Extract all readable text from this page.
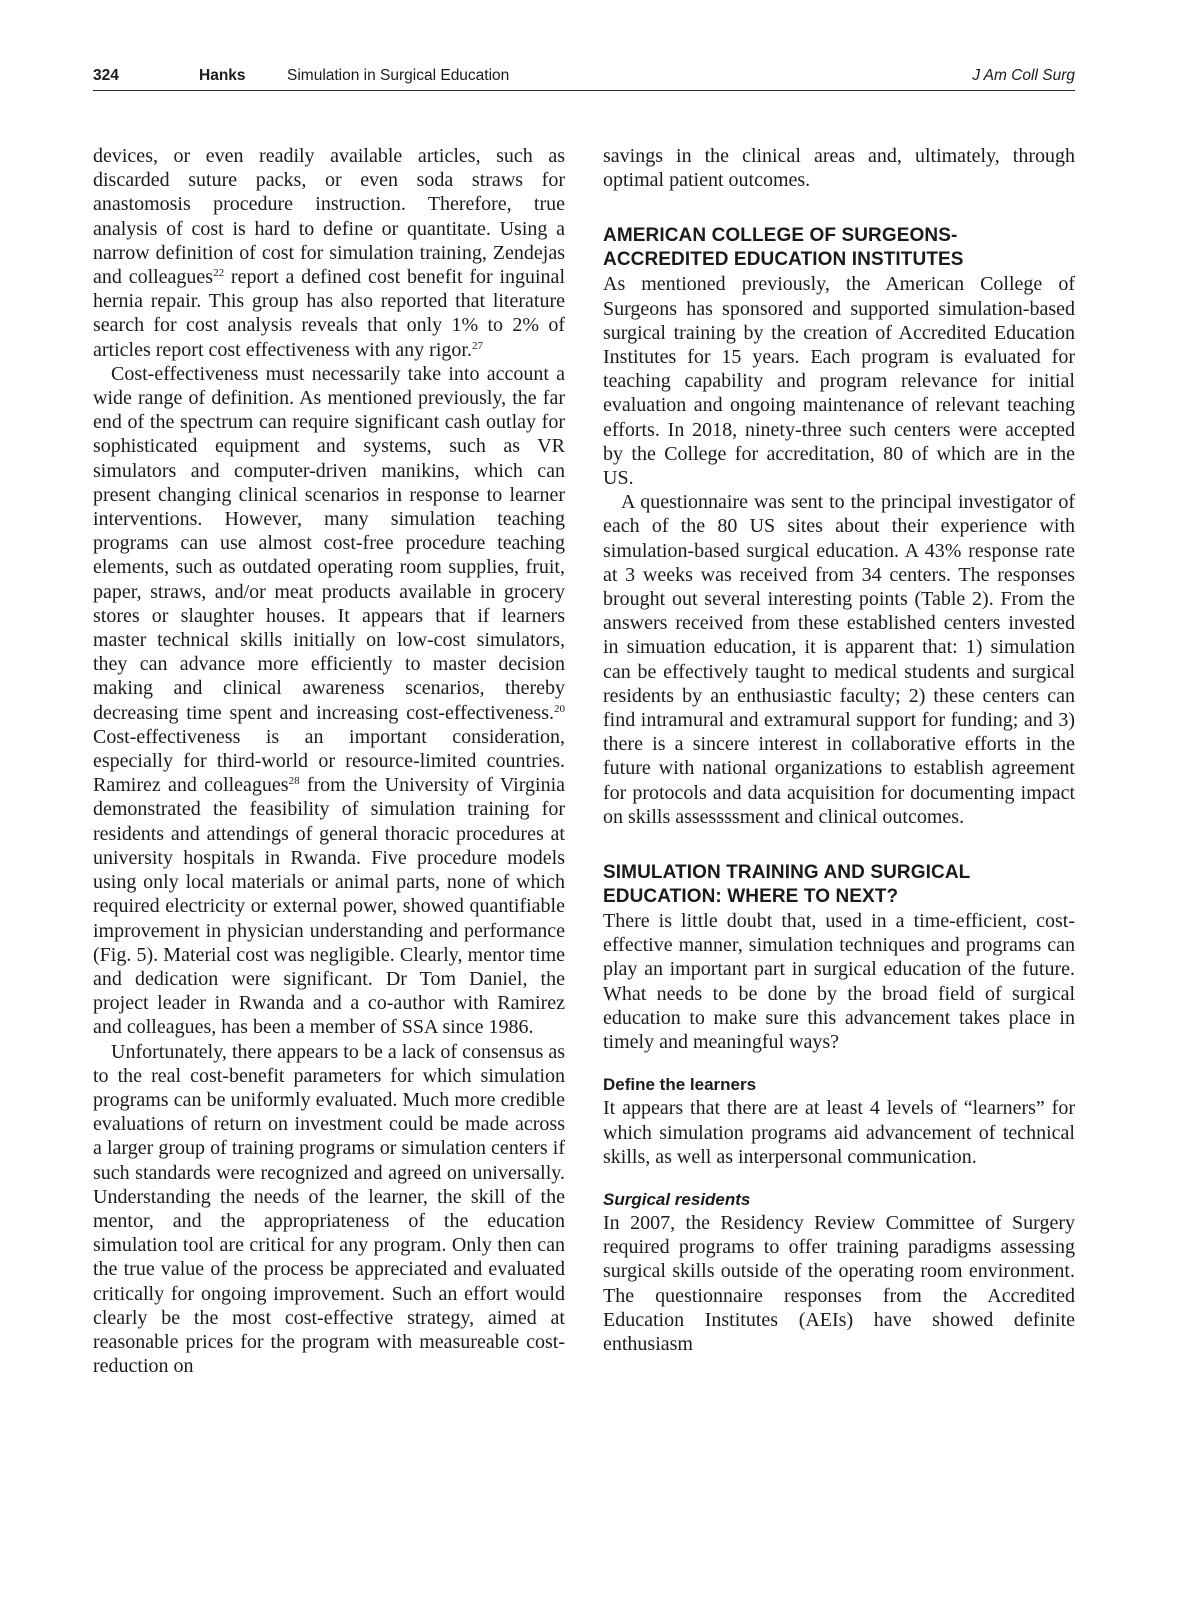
324	Hanks	Simulation in Surgical Education	J Am Coll Surg

devices, or even readily available articles, such as discarded suture packs, or even soda straws for anastomosis procedure instruction. Therefore, true analysis of cost is hard to define or quantitate. Using a narrow definition of cost for simulation training, Zendejas and colleagues$^{22}$ report a defined cost benefit for inguinal hernia repair. This group has also reported that literature search for cost analysis reveals that only 1% to 2% of articles report cost effectiveness with any rigor.$^{27}$

Cost-effectiveness must necessarily take into account a wide range of definition. As mentioned previously, the far end of the spectrum can require significant cash outlay for sophisticated equipment and systems, such as VR simulators and computer-driven manikins, which can present changing clinical scenarios in response to learner interventions. However, many simulation teaching programs can use almost cost-free procedure teaching elements, such as outdated operating room supplies, fruit, paper, straws, and/or meat products available in grocery stores or slaughter houses. It appears that if learners master technical skills initially on low-cost simulators, they can advance more efficiently to master decision making and clinical awareness scenarios, thereby decreasing time spent and increasing cost-effectiveness.$^{20}$ Cost-effectiveness is an important consideration, especially for third-world or resource-limited countries. Ramirez and colleagues$^{28}$ from the University of Virginia demonstrated the feasibility of simulation training for residents and attendings of general thoracic procedures at university hospitals in Rwanda. Five procedure models using only local materials or animal parts, none of which required electricity or external power, showed quantifiable improvement in physician understanding and performance (Fig. 5). Material cost was negligible. Clearly, mentor time and dedication were significant. Dr Tom Daniel, the project leader in Rwanda and a co-author with Ramirez and colleagues, has been a member of SSA since 1986.

Unfortunately, there appears to be a lack of consensus as to the real cost-benefit parameters for which simulation programs can be uniformly evaluated. Much more credible evaluations of return on investment could be made across a larger group of training programs or simulation centers if such standards were recognized and agreed on universally. Understanding the needs of the learner, the skill of the mentor, and the appropriateness of the education simulation tool are critical for any program. Only then can the true value of the process be appreciated and evaluated critically for ongoing improvement. Such an effort would clearly be the most cost-effective strategy, aimed at reasonable prices for the program with measureable cost-reduction on

savings in the clinical areas and, ultimately, through optimal patient outcomes.

AMERICAN COLLEGE OF SURGEONS-ACCREDITED EDUCATION INSTITUTES

As mentioned previously, the American College of Surgeons has sponsored and supported simulation-based surgical training by the creation of Accredited Education Institutes for 15 years. Each program is evaluated for teaching capability and program relevance for initial evaluation and ongoing maintenance of relevant teaching efforts. In 2018, ninety-three such centers were accepted by the College for accreditation, 80 of which are in the US.

A questionnaire was sent to the principal investigator of each of the 80 US sites about their experience with simulation-based surgical education. A 43% response rate at 3 weeks was received from 34 centers. The responses brought out several interesting points (Table 2). From the answers received from these established centers invested in simuation education, it is apparent that: 1) simulation can be effectively taught to medical students and surgical residents by an enthusiastic faculty; 2) these centers can find intramural and extramural support for funding; and 3) there is a sincere interest in collaborative efforts in the future with national organizations to establish agreement for protocols and data acquisition for documenting impact on skills assessssment and clinical outcomes.

SIMULATION TRAINING AND SURGICAL EDUCATION: WHERE TO NEXT?

There is little doubt that, used in a time-efficient, cost-effective manner, simulation techniques and programs can play an important part in surgical education of the future. What needs to be done by the broad field of surgical education to make sure this advancement takes place in timely and meaningful ways?

Define the learners

It appears that there are at least 4 levels of “learners” for which simulation programs aid advancement of technical skills, as well as interpersonal communication.

Surgical residents

In 2007, the Residency Review Committee of Surgery required programs to offer training paradigms assessing surgical skills outside of the operating room environment. The questionnaire responses from the Accredited Education Institutes (AEIs) have showed definite enthusiasm
